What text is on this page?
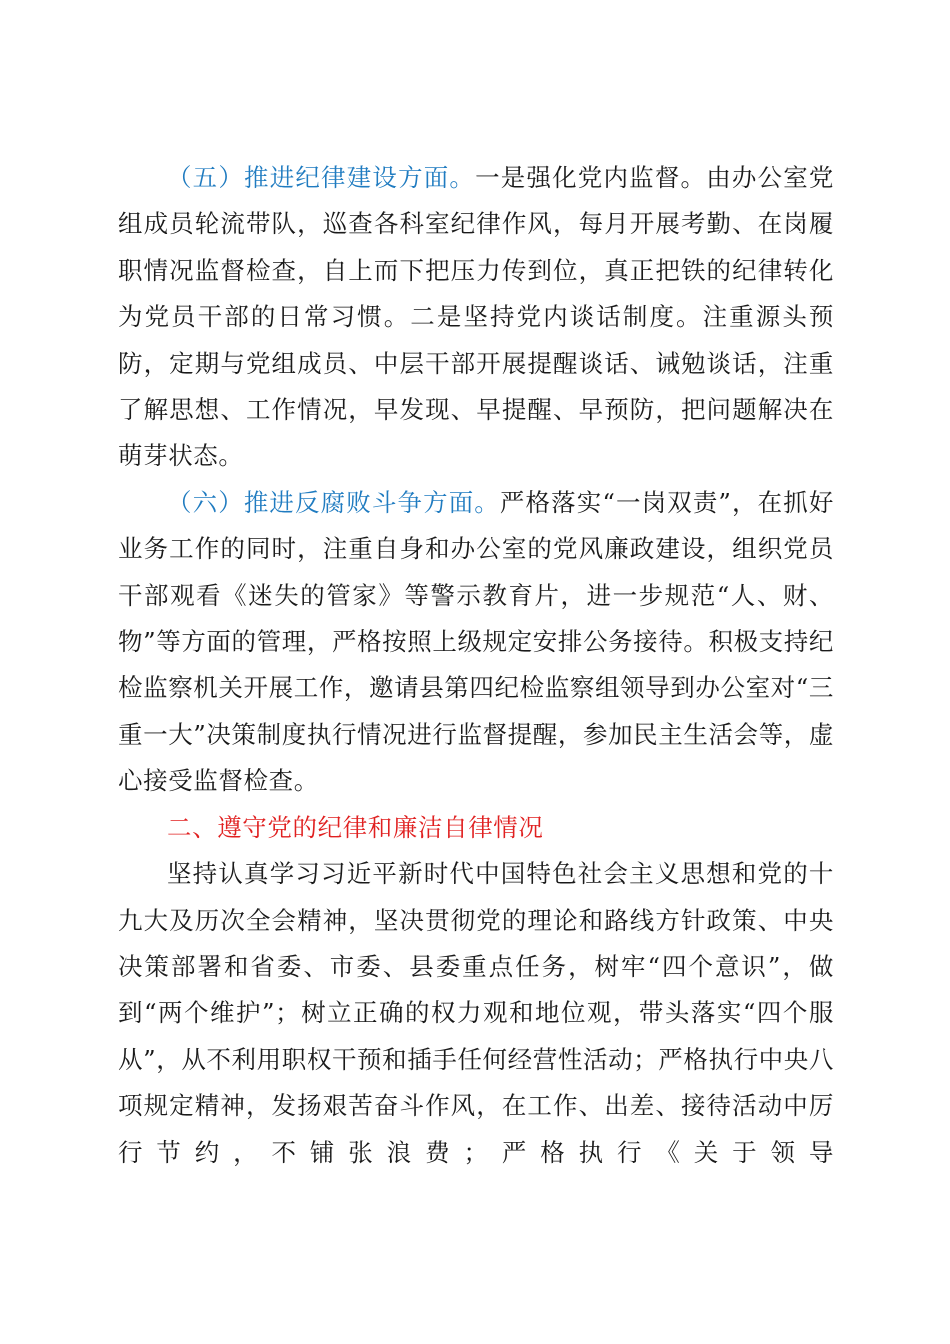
（五）推进纪律建设方面。一是强化党内监督。由办公室党组成员轮流带队，巡查各科室纪律作风，每月开展考勤、在岗履职情况监督检查，自上而下把压力传到位，真正把铁的纪律转化为党员干部的日常习惯。二是坚持党内谈话制度。注重源头预防，定期与党组成员、中层干部开展提醒谈话、诫勉谈话，注重了解思想、工作情况，早发现、早提醒、早预防，把问题解决在萌芽状态。

（六）推进反腐败斗争方面。严格落实“一岗双责”，在抓好业务工作的同时，注重自身和办公室的党风廉政建设，组织党员干部观看《迷失的管家》等警示教育片，进一步规范“人、财、物”等方面的管理，严格按照上级规定安排公务接待。积极支持纪检监察机关开展工作，邀请县第四纪检监察组领导到办公室对“三重一大”决策制度执行情况进行监督提醒，参加民主生活会等，虚心接受监督检查。

二、遵守党的纪律和廉洁自律情况

坚持认真学习习近平新时代中国特色社会主义思想和党的十九大及历次全会精神，坚决贯彻党的理论和路线方针政策、中央决策部署和省委、市委、县委重点任务，树牢“四个意识”，做到“两个维护”；树立正确的权力观和地位观，带头落实“四个服从”，从不利用职权干预和插手任何经营性活动；严格执行中央八项规定精神，发扬艰苦奋斗作风，在工作、出差、接待活动中厉行节约，不铺张浪费；严格执行《关于领导
